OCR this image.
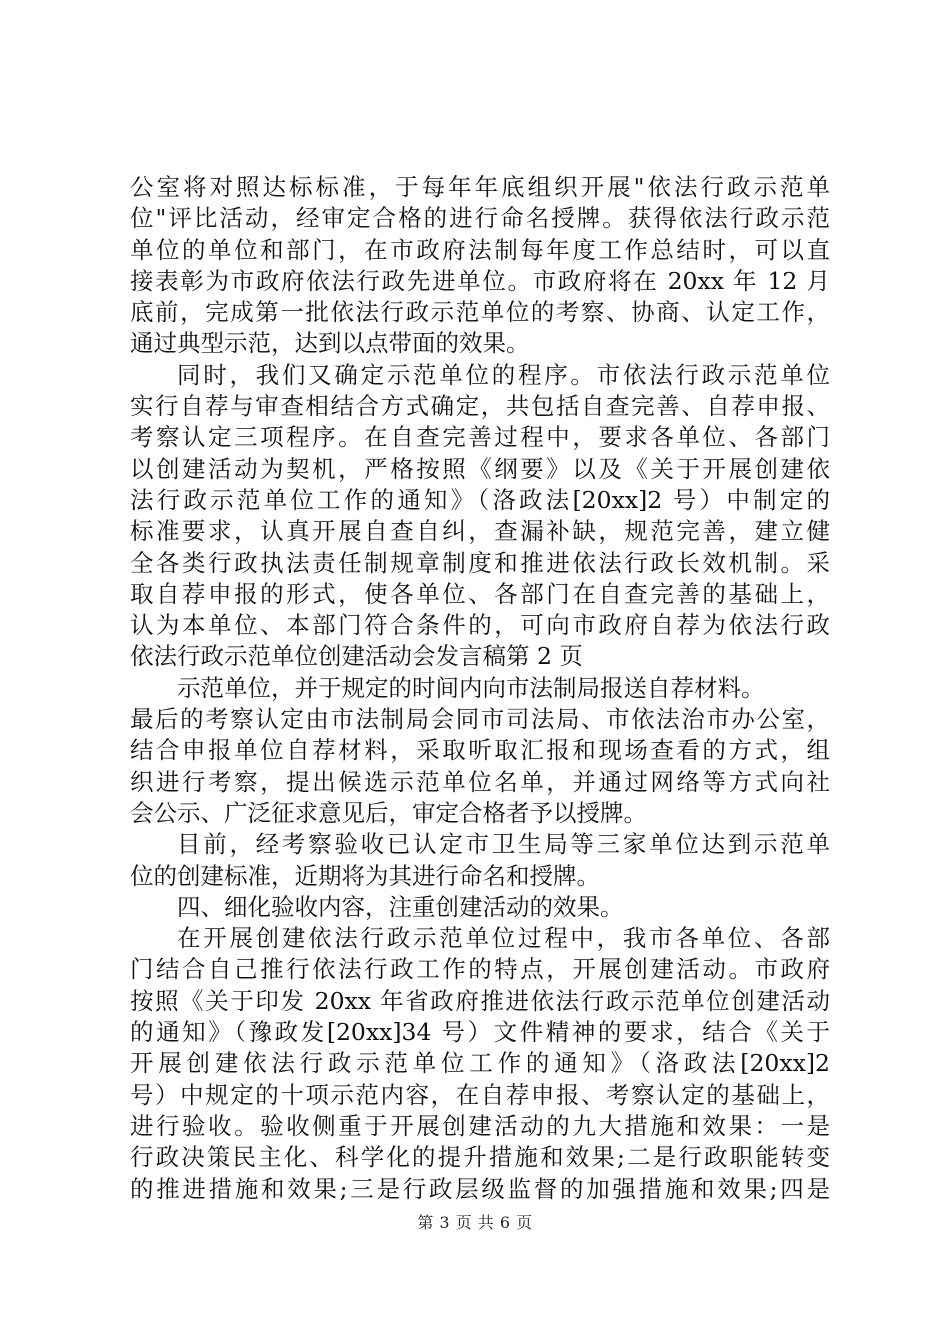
公室将对照达标标准，于每年年底组织开展"依法行政示范单
位"评比活动，经审定合格的进行命名授牌。获得依法行政示范
单位的单位和部门，在市政府法制每年度工作总结时，可以直
接表彰为市政府依法行政先进单位。市政府将在 20xx 年 12 月
底前，完成第一批依法行政示范单位的考察、协商、认定工作，
通过典型示范，达到以点带面的效果。
同时，我们又确定示范单位的程序。市依法行政示范单位
实行自荐与审查相结合方式确定，共包括自查完善、自荐申报、
考察认定三项程序。在自查完善过程中，要求各单位、各部门
以创建活动为契机，严格按照《纲要》以及《关于开展创建依
法行政示范单位工作的通知》（洛政法[20xx]2 号）中制定的
标准要求，认真开展自查自纠，查漏补缺，规范完善，建立健
全各类行政执法责任制规章制度和推进依法行政长效机制。采
取自荐申报的形式，使各单位、各部门在自查完善的基础上，
认为本单位、本部门符合条件的，可向市政府自荐为依法行政
依法行政示范单位创建活动会发言稿第 2 页
示范单位，并于规定的时间内向市法制局报送自荐材料。
最后的考察认定由市法制局会同市司法局、市依法治市办公室，
结合申报单位自荐材料，采取听取汇报和现场查看的方式，组
织进行考察，提出候选示范单位名单，并通过网络等方式向社
会公示、广泛征求意见后，审定合格者予以授牌。
目前，经考察验收已认定市卫生局等三家单位达到示范单
位的创建标准，近期将为其进行命名和授牌。
四、细化验收内容，注重创建活动的效果。
在开展创建依法行政示范单位过程中，我市各单位、各部
门结合自己推行依法行政工作的特点，开展创建活动。市政府
按照《关于印发 20xx 年省政府推进依法行政示范单位创建活动
的通知》（豫政发[20xx]34 号）文件精神的要求，结合《关于
开展创建依法行政示范单位工作的通知》（洛政法[20xx]2
号）中规定的十项示范内容，在自荐申报、考察认定的基础上，
进行验收。验收侧重于开展创建活动的九大措施和效果：一是
行政决策民主化、科学化的提升措施和效果;二是行政职能转变
的推进措施和效果;三是行政层级监督的加强措施和效果;四是
第 3 页 共 6 页
